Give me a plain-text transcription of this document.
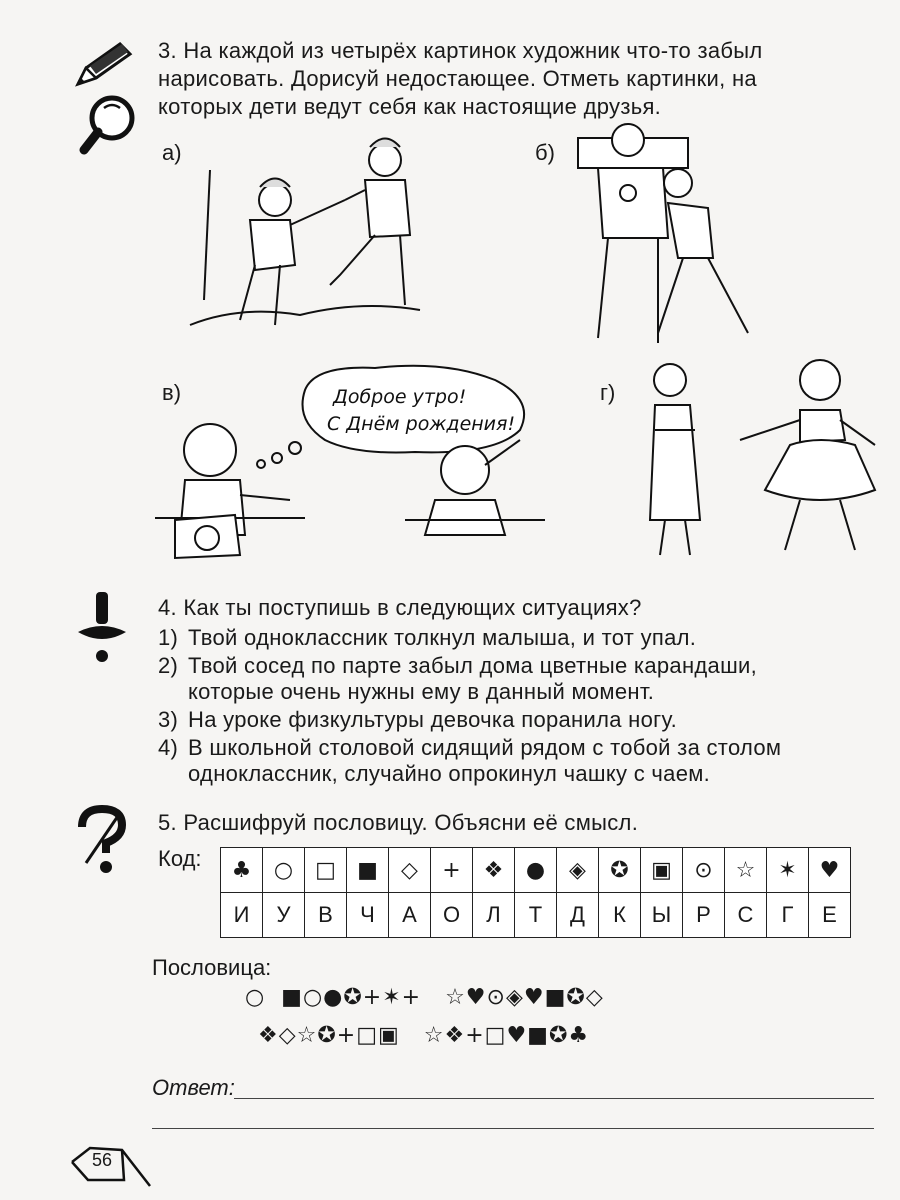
3. На каждой из четырёх картинок художник что-то забыл
нарисовать. Дорисуй недостающее. Отметь картинки, на
которых дети ведут себя как настоящие друзья.
а)	б)
в)	Доброе утро!
С Днём рождения!
г)
4. Как ты поступишь в следующих ситуациях?
1) Твой одноклассник толкнул малыша, и тот упал.
2) Твой сосед по парте забыл дома цветные карандаши,
которые очень нужны ему в данный момент.
3) На уроке физкультуры девочка поранила ногу.
4) В школьной столовой сидящий рядом с тобой за столом
одноклассник, случайно опрокинул чашку с чаем.
5. Расшифруй пословицу. Объясни её смысл.
Код: ♣	○	□	■	◇	+	❖	●	◈	✪	▣	⊙	☆	✶	♥
И	У	В	Ч	А	О	Л	Т	Д	К	Ы	Р	С	Г	Е
Пословица:
○  ■○●✪+✶+   ☆♥⊙◈♥■✪◇
❖◇☆✪+□▣   ☆❖+□♥■✪♣
Ответ:
56
